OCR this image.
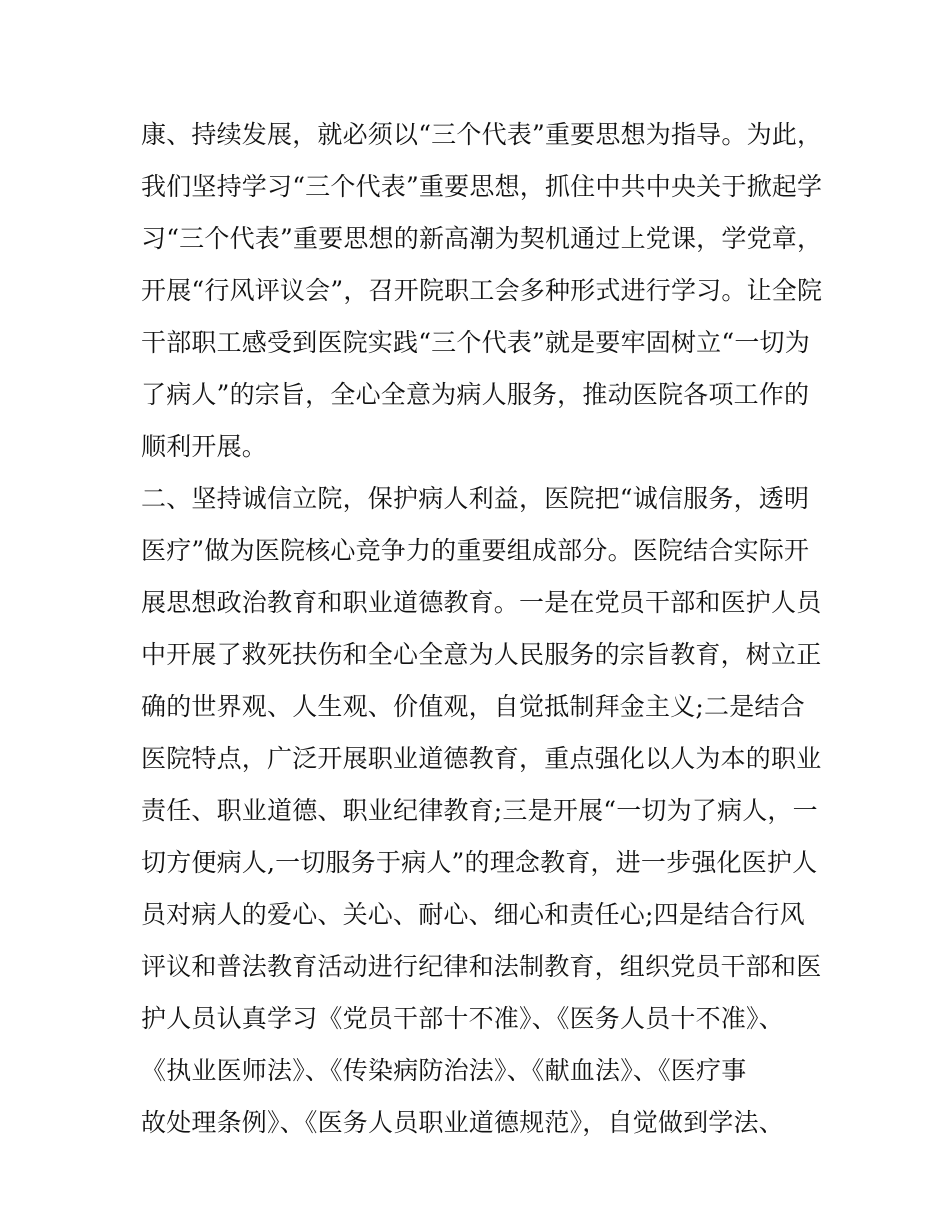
康、持续发展，就必须以“三个代表”重要思想为指导。为此，
我们坚持学习“三个代表”重要思想，抓住中共中央关于掀起学
习“三个代表”重要思想的新高潮为契机通过上党课，学党章，
开展“行风评议会”，召开院职工会多种形式进行学习。让全院
干部职工感受到医院实践“三个代表”就是要牢固树立“一切为
了病人”的宗旨，全心全意为病人服务，推动医院各项工作的
顺利开展。
二、坚持诚信立院，保护病人利益，医院把“诚信服务，透明
医疗”做为医院核心竞争力的重要组成部分。医院结合实际开
展思想政治教育和职业道德教育。一是在党员干部和医护人员
中开展了救死扶伤和全心全意为人民服务的宗旨教育，树立正
确的世界观、人生观、价值观，自觉抵制拜金主义;二是结合
医院特点，广泛开展职业道德教育，重点强化以人为本的职业
责任、职业道德、职业纪律教育;三是开展“一切为了病人，一
切方便病人,一切服务于病人”的理念教育，进一步强化医护人
员对病人的爱心、关心、耐心、细心和责任心;四是结合行风
评议和普法教育活动进行纪律和法制教育，组织党员干部和医
护人员认真学习《党员干部十不准》、《医务人员十不准》、
《执业医师法》、《传染病防治法》、《献血法》、《医疗事
故处理条例》、《医务人员职业道德规范》，自觉做到学法、
